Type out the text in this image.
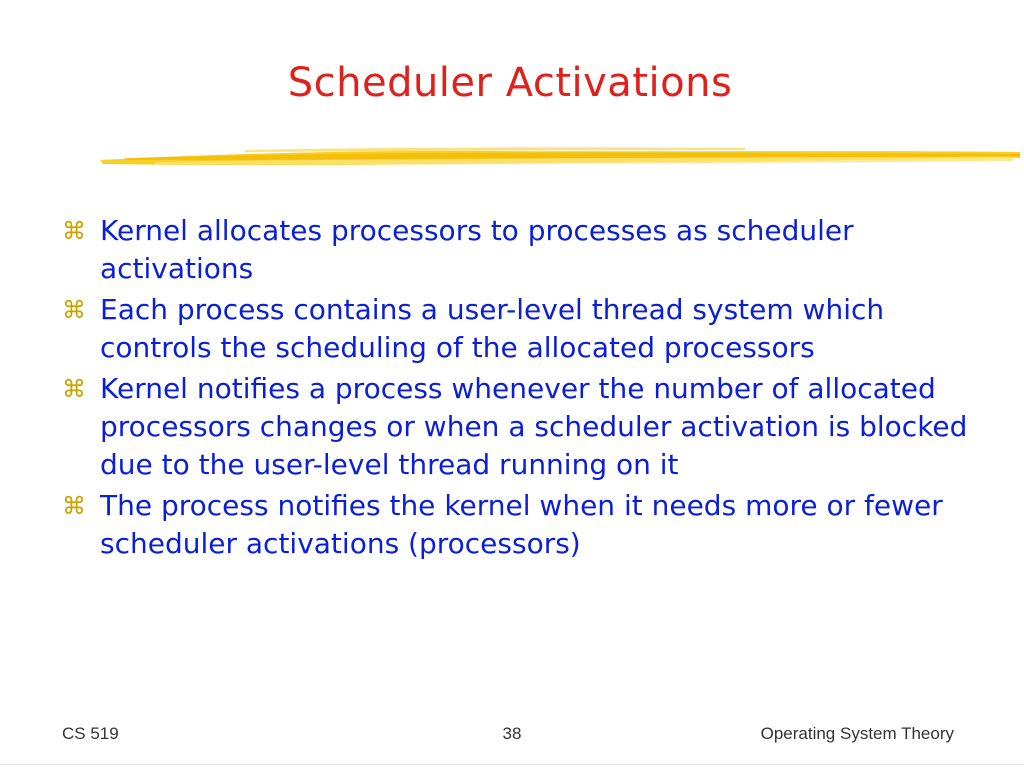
Scheduler Activations
⌘ Kernel allocates processors to processes as scheduler activations
⌘ Each process contains a user-level thread system which controls the scheduling of the allocated processors
⌘ Kernel notifies a process whenever the number of allocated processors changes or when a scheduler activation is blocked due to the user-level thread running on it
⌘ The process notifies the kernel when it needs more or fewer scheduler activations (processors)
CS 519	38	Operating System Theory
